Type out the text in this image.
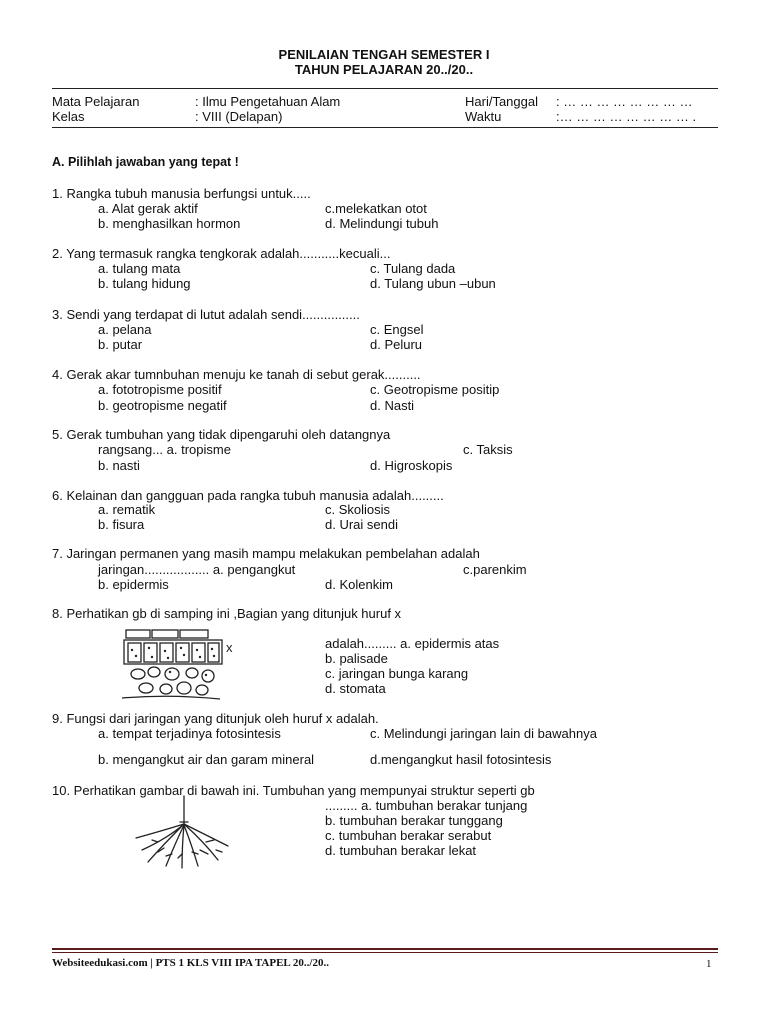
PENILAIAN TENGAH SEMESTER I
TAHUN PELAJARAN 20../20..
Mata Pelajaran	: Ilmu Pengetahuan Alam	Hari/Tanggal : … … … … … … … …
Kelas	: VIII (Delapan)	Waktu	:… … … … … … … … .
A. Pilihlah jawaban yang tepat !
1. Rangka tubuh manusia berfungsi untuk.....
a. Alat gerak aktif	c.melekatkan otot
b. menghasilkan hormon	d. Melindungi tubuh
2. Yang termasuk rangka tengkorak adalah...........kecuali...
a. tulang mata	c. Tulang dada
b. tulang hidung	d. Tulang ubun –ubun
3. Sendi yang terdapat di lutut adalah sendi................
a. pelana	c. Engsel
b. putar	d. Peluru
4. Gerak akar tumnbuhan menuju ke tanah di sebut gerak..........
a. fototropisme positif	c. Geotropisme positip
b. geotropisme negatif	d. Nasti
5. Gerak tumbuhan yang tidak dipengaruhi oleh datangnya
rangsang... a. tropisme	c. Taksis
b. nasti	d. Higroskopis
6. Kelainan dan gangguan pada rangka tubuh manusia adalah.........
a. rematik	c. Skoliosis
b. fisura	d. Urai sendi
7. Jaringan permanen yang masih mampu melakukan pembelahan adalah
jaringan.................. a. pengangkut	c.parenkim
b. epidermis	d. Kolenkim
8. Perhatikan gb di samping ini ,Bagian yang ditunjuk huruf x
x	adalah......... a. epidermis atas
b. palisade
c. jaringan bunga karang
d. stomata
9. Fungsi dari jaringan yang ditunjuk oleh huruf x adalah.
a. tempat terjadinya fotosintesis	c. Melindungi jaringan lain di bawahnya
b. mengangkut air dan garam mineral	d.mengangkut hasil fotosintesis
10. Perhatikan gambar di bawah ini. Tumbuhan yang mempunyai struktur seperti gb
......... a. tumbuhan berakar tunjang
b. tumbuhan berakar tunggang
c. tumbuhan berakar serabut
d. tumbuhan berakar lekat
Websiteedukasi.com | PTS 1 KLS VIII IPA TAPEL 20../20..	1
